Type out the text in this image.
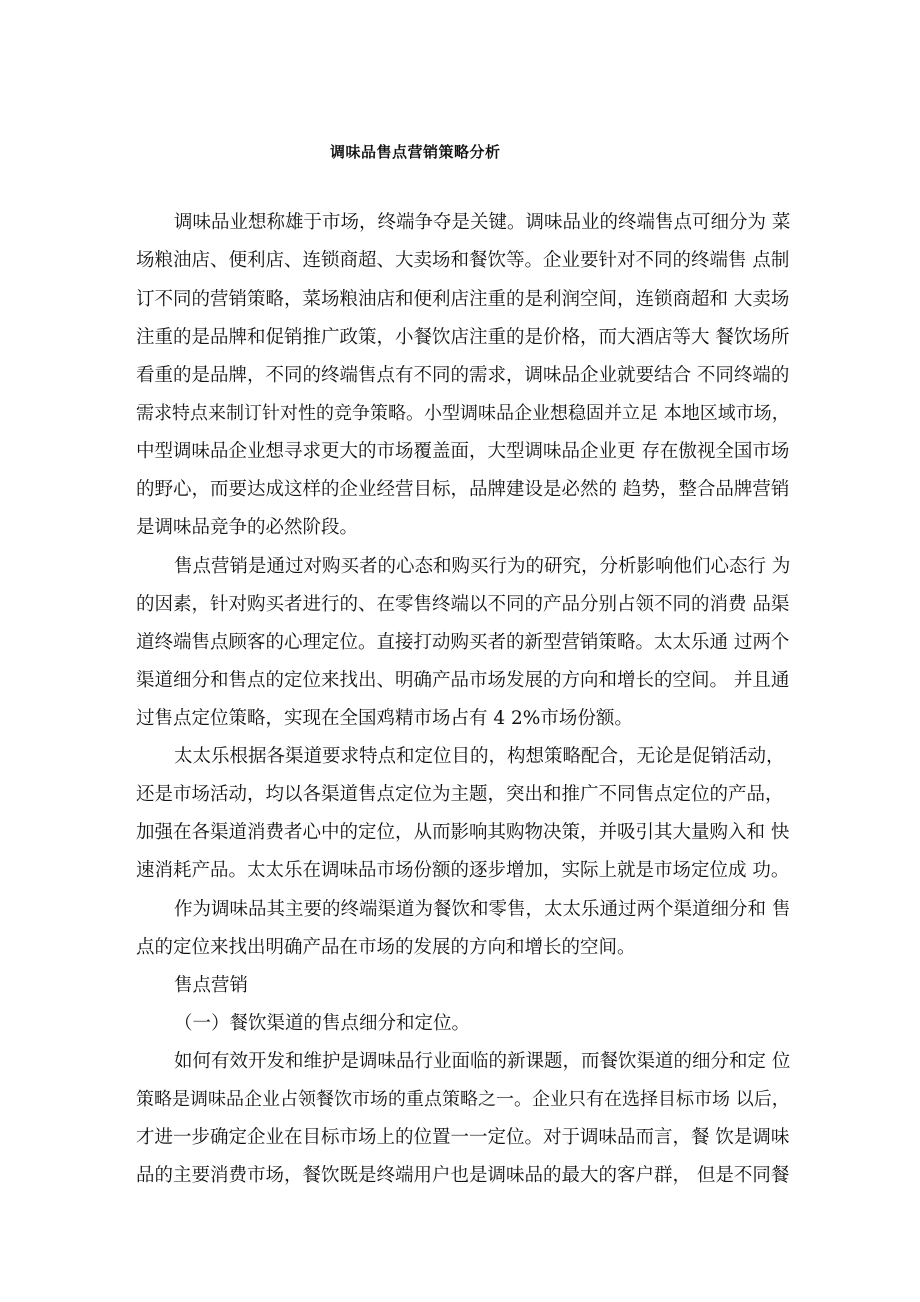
调味品售点营销策略分析
调味品业想称雄于市场，终端争夺是关键。调味品业的终端售点可细分为 菜
场粮油店、便利店、连锁商超、大卖场和餐饮等。企业要针对不同的终端售 点制
订不同的营销策略，菜场粮油店和便利店注重的是利润空间，连锁商超和 大卖场
注重的是品牌和促销推广政策，小餐饮店注重的是价格，而大酒店等大 餐饮场所
看重的是品牌，不同的终端售点有不同的需求，调味品企业就要结合 不同终端的
需求特点来制订针对性的竞争策略。小型调味品企业想稳固并立足 本地区域市场，
中型调味品企业想寻求更大的市场覆盖面，大型调味品企业更 存在傲视全国市场
的野心，而要达成这样的企业经营目标，品牌建设是必然的 趋势，整合品牌营销
是调味品竞争的必然阶段。
售点营销是通过对购买者的心态和购买行为的研究，分析影响他们心态行 为
的因素，针对购买者进行的、在零售终端以不同的产品分别占领不同的消费 品渠
道终端售点顾客的心理定位。直接打动购买者的新型营销策略。太太乐通 过两个
渠道细分和售点的定位来找出、明确产品市场发展的方向和增长的空间。 并且通
过售点定位策略，实现在全国鸡精市场占有 4 2%市场份额。
太太乐根据各渠道要求特点和定位目的，构想策略配合，无论是促销活动，
还是市场活动，均以各渠道售点定位为主题，突出和推广不同售点定位的产品，
加强在各渠道消费者心中的定位，从而影响其购物决策，并吸引其大量购入和 快
速消耗产品。太太乐在调味品市场份额的逐步增加，实际上就是市场定位成 功。
作为调味品其主要的终端渠道为餐饮和零售，太太乐通过两个渠道细分和 售
点的定位来找出明确产品在市场的发展的方向和增长的空间。
售点营销
（一）餐饮渠道的售点细分和定位。
如何有效开发和维护是调味品行业面临的新课题，而餐饮渠道的细分和定 位
策略是调味品企业占领餐饮市场的重点策略之一。企业只有在选择目标市场 以后，
才进一步确定企业在目标市场上的位置一一定位。对于调味品而言，餐 饮是调味
品的主要消费市场，餐饮既是终端用户也是调味品的最大的客户群， 但是不同餐
